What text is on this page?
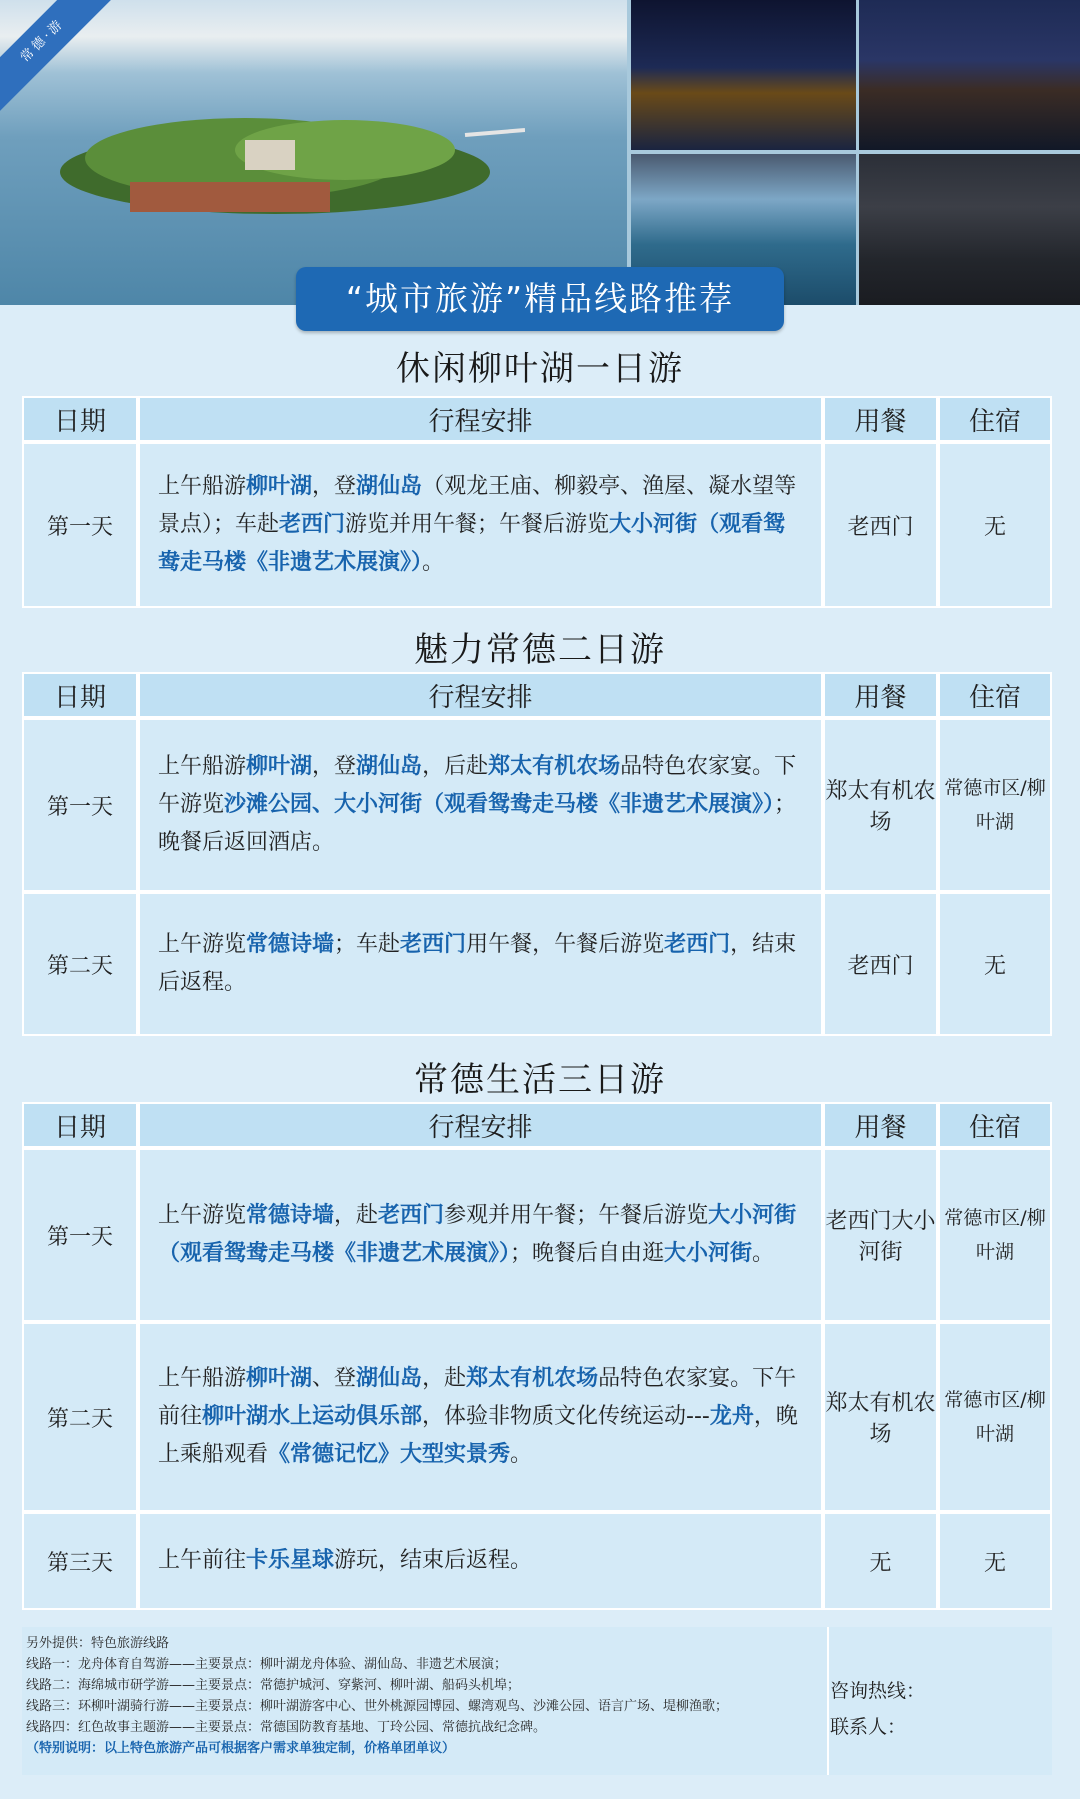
常德·游
“城市旅游”精品线路推荐
休闲柳叶湖一日游
日期	行程安排	用餐	住宿
第一天	上午船游柳叶湖，登湖仙岛（观龙王庙、柳毅亭、渔屋、凝水望等景点）；车赴老西门游览并用午餐；午餐后游览大小河街（观看鸳鸯走马楼《非遗艺术展演》）。	老西门	无
魅力常德二日游
日期	行程安排	用餐	住宿
第一天	上午船游柳叶湖，登湖仙岛，后赴郑太有机农场品特色农家宴。下午游览沙滩公园、大小河街（观看鸳鸯走马楼《非遗艺术展演》）；晚餐后返回酒店。	郑太有机农场	常德市区/柳叶湖
第二天	上午游览常德诗墙；车赴老西门用午餐，午餐后游览老西门，结束后返程。	老西门	无
常德生活三日游
日期	行程安排	用餐	住宿
第一天	上午游览常德诗墙，赴老西门参观并用午餐；午餐后游览大小河街（观看鸳鸯走马楼《非遗艺术展演》）；晚餐后自由逛大小河街。	老西门大小河街	常德市区/柳叶湖
第二天	上午船游柳叶湖、登湖仙岛，赴郑太有机农场品特色农家宴。下午前往柳叶湖水上运动俱乐部，体验非物质文化传统运动---龙舟，晚上乘船观看《常德记忆》大型实景秀。	郑太有机农场	常德市区/柳叶湖
第三天	上午前往卡乐星球游玩，结束后返程。	无	无
另外提供：特色旅游线路
线路一：龙舟体育自驾游——主要景点：柳叶湖龙舟体验、湖仙岛、非遗艺术展演；
线路二：海绵城市研学游——主要景点：常德护城河、穿紫河、柳叶湖、船码头机埠；
线路三：环柳叶湖骑行游——主要景点：柳叶湖游客中心、世外桃源园博园、螺湾观鸟、沙滩公园、语言广场、堤柳渔歌；
线路四：红色故事主题游——主要景点：常德国防教育基地、丁玲公园、常德抗战纪念碑。
（特别说明：以上特色旅游产品可根据客户需求单独定制，价格单团单议）
咨询热线：
联系人：
